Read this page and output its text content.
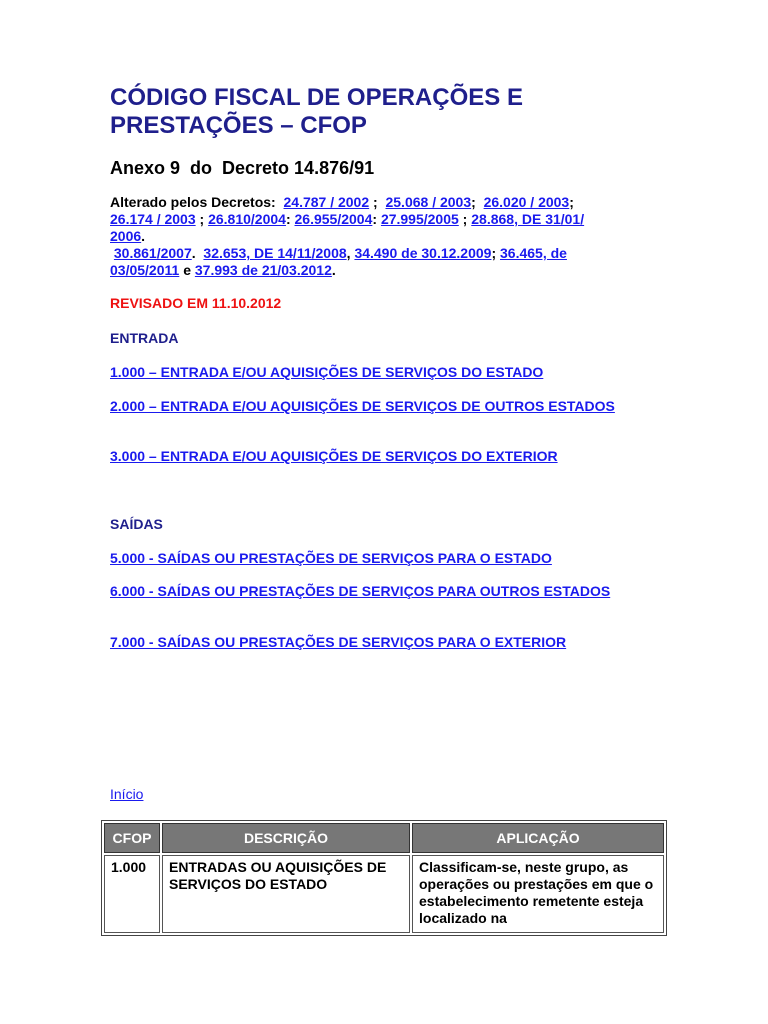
CÓDIGO FISCAL DE OPERAÇÕES E PRESTAÇÕES – CFOP
Anexo 9  do  Decreto 14.876/91
Alterado pelos Decretos: 24.787 / 2002 ;  25.068 / 2003;  26.020 / 2003;
26.174 / 2003 ; 26.810/2004: 26.955/2004: 27.995/2005 ; 28.868, DE 31/01/
2006.
30.861/2007.  32.653, DE 14/11/2008, 34.490 de 30.12.2009; 36.465, de
03/05/2011 e 37.993 de 21/03.2012.
REVISADO EM 11.10.2012
ENTRADA
1.000 – ENTRADA E/OU AQUISIÇÕES DE SERVIÇOS DO ESTADO
2.000 – ENTRADA E/OU AQUISIÇÕES DE SERVIÇOS DE OUTROS ESTADOS
3.000 – ENTRADA E/OU AQUISIÇÕES DE SERVIÇOS DO EXTERIOR
SAÍDAS
5.000 - SAÍDAS OU PRESTAÇÕES DE SERVIÇOS PARA O ESTADO
6.000 - SAÍDAS OU PRESTAÇÕES DE SERVIÇOS PARA OUTROS ESTADOS
7.000 - SAÍDAS OU PRESTAÇÕES DE SERVIÇOS PARA O EXTERIOR
Início
CFOP	DESCRIÇÃO	APLICAÇÃO
1.000	ENTRADAS OU AQUISIÇÕES DE SERVIÇOS DO ESTADO	Classificam-se, neste grupo, as operações ou prestações em que o estabelecimento remetente esteja localizado na
